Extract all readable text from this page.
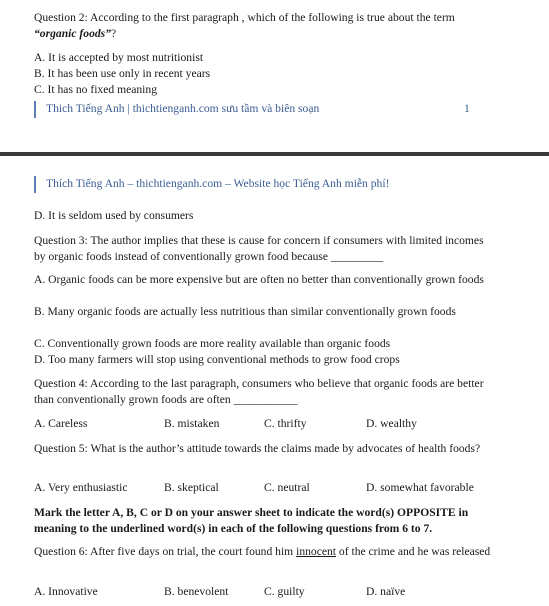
Question 2: According to the first paragraph , which of the following is true about the term “organic foods”?

A. It is accepted by most nutritionist

B. It has been use only in recent years

C. It has no fixed meaning

Thich Tiếng Anh | thichtienganh.com sưu tầm và biên soạn	1
Thích Tiếng Anh – thichtienganh.com – Website học Tiếng Anh miễn phí!

D. It is seldom used by consumers

Question 3: The author implies that these is cause for concern if consumers with limited incomes by organic foods instead of conventionally grown food because _________

A. Organic foods can be more expensive but are often no better than conventionally grown foods

B. Many organic foods are actually less nutritious than similar conventionally grown foods

C. Conventionally grown foods are more reality available than organic foods

D. Too many farmers will stop using conventional methods to grow food crops

Question 4: According to the last paragraph, consumers who believe that organic foods are better than conventionally grown foods are often ___________

A. Careless	B. mistaken	C. thrifty	D. wealthy

Question 5: What is the author’s attitude towards the claims made by advocates of health foods?

A. Very enthusiastic	B. skeptical	C. neutral	D. somewhat favorable

Mark the letter A, B, C or D on your answer sheet to indicate the word(s) OPPOSITE in meaning to the underlined word(s) in each of the following questions from 6 to 7.

Question 6: After five days on trial, the court found him innocent of the crime and he was released

A. Innovative	B. benevolent	C. guilty	D. naïve
